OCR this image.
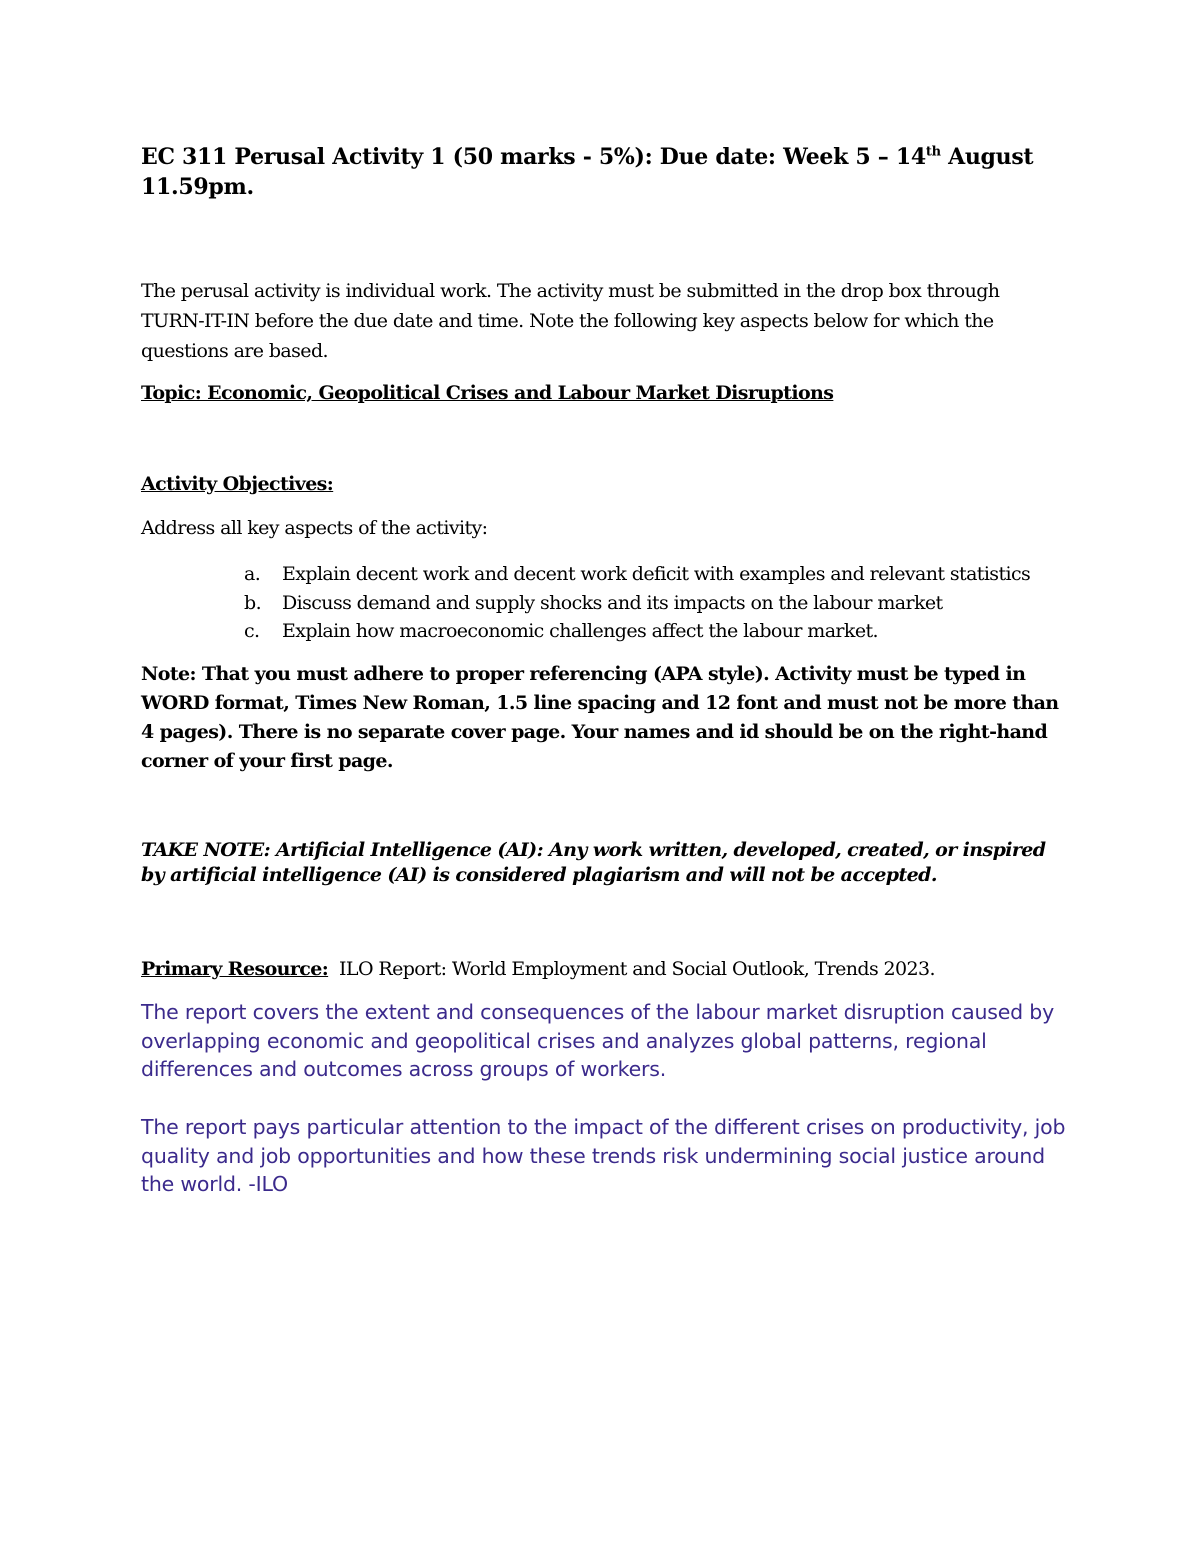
EC 311 Perusal Activity 1 (50 marks - 5%): Due date: Week 5 – 14th August 11.59pm.
The perusal activity is individual work. The activity must be submitted in the drop box through TURN-IT-IN before the due date and time. Note the following key aspects below for which the questions are based.
Topic: Economic, Geopolitical Crises and Labour Market Disruptions
Activity Objectives:
Address all key aspects of the activity:
a. Explain decent work and decent work deficit with examples and relevant statistics
b. Discuss demand and supply shocks and its impacts on the labour market
c. Explain how macroeconomic challenges affect the labour market.
Note: That you must adhere to proper referencing (APA style). Activity must be typed in WORD format, Times New Roman, 1.5 line spacing and 12 font and must not be more than 4 pages). There is no separate cover page. Your names and id should be on the right-hand corner of your first page.
TAKE NOTE: Artificial Intelligence (AI): Any work written, developed, created, or inspired by artificial intelligence (AI) is considered plagiarism and will not be accepted.
Primary Resource: ILO Report: World Employment and Social Outlook, Trends 2023.
The report covers the extent and consequences of the labour market disruption caused by overlapping economic and geopolitical crises and analyzes global patterns, regional differences and outcomes across groups of workers.
The report pays particular attention to the impact of the different crises on productivity, job quality and job opportunities and how these trends risk undermining social justice around the world. -ILO
